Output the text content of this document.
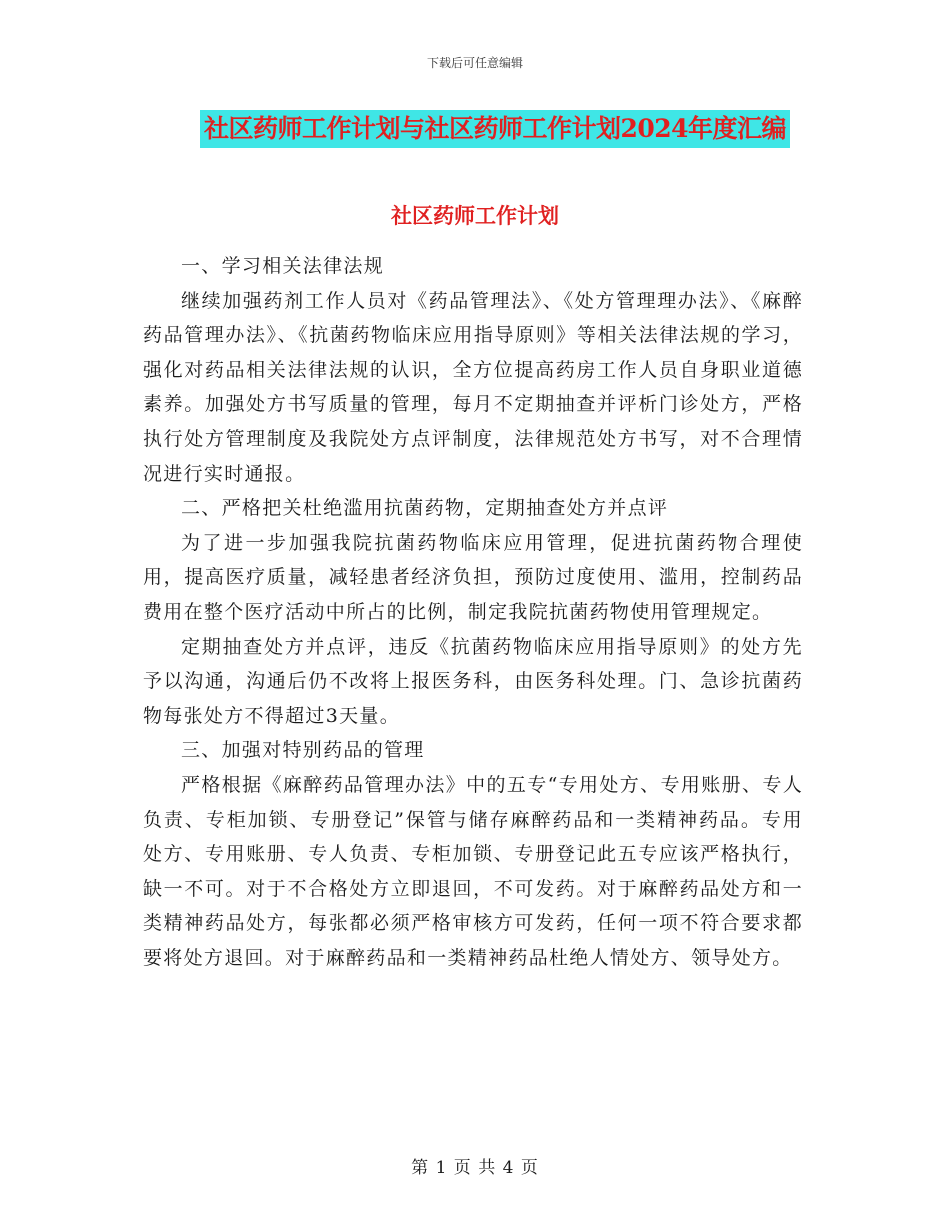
下载后可任意编辑
社区药师工作计划与社区药师工作计划2024年度汇编
社区药师工作计划

一、学习相关法律法规

继续加强药剂工作人员对《药品管理法》、《处方管理理办法》、《麻醉药品管理办法》、《抗菌药物临床应用指导原则》等相关法律法规的学习，强化对药品相关法律法规的认识，全方位提高药房工作人员自身职业道德素养。加强处方书写质量的管理，每月不定期抽查并评析门诊处方，严格执行处方管理制度及我院处方点评制度，法律规范处方书写，对不合理情况进行实时通报。

二、严格把关杜绝滥用抗菌药物，定期抽查处方并点评

为了进一步加强我院抗菌药物临床应用管理，促进抗菌药物合理使用，提高医疗质量，减轻患者经济负担，预防过度使用、滥用，控制药品费用在整个医疗活动中所占的比例，制定我院抗菌药物使用管理规定。

定期抽查处方并点评，违反《抗菌药物临床应用指导原则》的处方先予以沟通，沟通后仍不改将上报医务科，由医务科处理。门、急诊抗菌药物每张处方不得超过3天量。

三、加强对特别药品的管理

严格根据《麻醉药品管理办法》中的五专“专用处方、专用账册、专人负责、专柜加锁、专册登记”保管与储存麻醉药品和一类精神药品。专用处方、专用账册、专人负责、专柜加锁、专册登记此五专应该严格执行，缺一不可。对于不合格处方立即退回，不可发药。对于麻醉药品处方和一类精神药品处方，每张都必须严格审核方可发药，任何一项不符合要求都要将处方退回。对于麻醉药品和一类精神药品杜绝人情处方、领导处方。

第 1 页 共 4 页
